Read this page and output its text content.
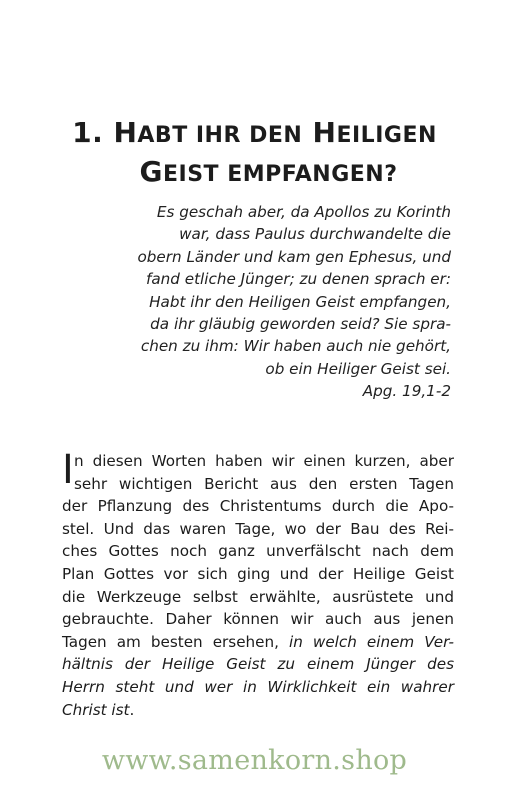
1. HABT IHR DEN HEILIGEN
GEIST EMPFANGEN?
Es geschah aber, da Apollos zu Korinth
war, dass Paulus durchwandelte die
obern Länder und kam gen Ephesus, und
fand etliche Jünger; zu denen sprach er:
Habt ihr den Heiligen Geist empfangen,
da ihr gläubig geworden seid? Sie spra-
chen zu ihm: Wir haben auch nie gehört,
ob ein Heiliger Geist sei.
Apg. 19,1-2
I n diesen Worten haben wir einen kurzen, aber
sehr wichtigen Bericht aus den ersten Tagen
der Pflanzung des Christentums durch die Apo-
stel. Und das waren Tage, wo der Bau des Rei-
ches Gottes noch ganz unverfälscht nach dem
Plan Gottes vor sich ging und der Heilige Geist
die Werkzeuge selbst erwählte, ausrüstete und
gebrauchte. Daher können wir auch aus jenen
Tagen am besten ersehen, in welch einem Ver-
hältnis der Heilige Geist zu einem Jünger des
Herrn steht und wer in Wirklichkeit ein wahrer
Christ ist.
www.samenkorn.shop
